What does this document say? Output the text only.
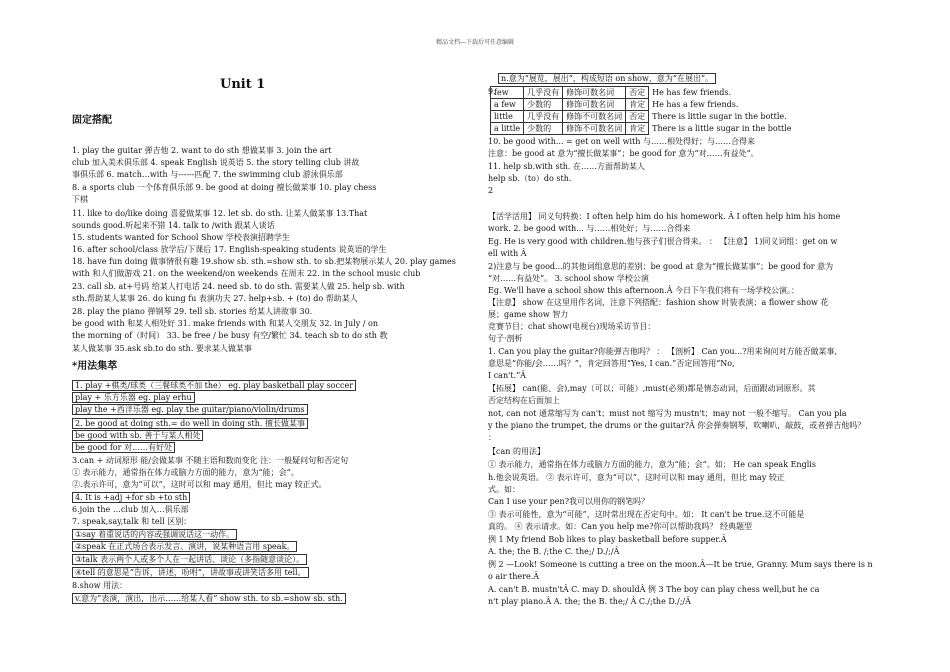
精品文档---下载后可任意编辑
Unit 1
固定搭配
1. play the guitar 弹吉他 2. want to do sth 想做某事 3. join the art
club 加入美术俱乐部 4. speak English 说英语 5. the story telling club 讲故
事俱乐部 6. match…with 与------匹配 7. the swimming club 游泳俱乐部
8. a sports club 一个体育俱乐部 9. be good at doing 擅长做某事 10. play chess
下棋
11. like to do/like doing 喜爱做某事 12. let sb. do sth. 让某人做某事 13.That
sounds good.听起来不错 14. talk to /with 跟某人谈话
15. students wanted for School Show 学校表演招聘学生
16. after school/class 放学后/下课后 17. English-speaking students 说英语的学生
18. have fun doing 做事情很有趣 19.show sb. sth.=show sth. to sb.把某物展示某人 20. play games
with 和人们做游戏 21. on the weekend/on weekends 在周末 22. in the school music club
23. call sb. at+号码 给某人打电话 24. need sb. to do sth. 需要某人做 25. help sb. with
sth.帮助某人某事 26. do kung fu 表演功夫 27. help+sb. + (to) do 帮助某人
28. play the piano 弹钢琴 29. tell sb. stories 给某人讲故事 30.
be good with 和某人相处好 31. make friends with 和某人交朋友 32. in July / on
the morning of（时间） 33. be free / be busy 有空/繁忙 34. teach sb to do sth 教
某人做某事 35.ask sb.to do sth. 要求某人做某事
*用法集萃
1. play +棋类/球类（三餐球类不加 the） eg. play basketball play soccer
play + 乐方乐器 eg. play erhu
play the +西洋乐器 eg. play the guitar/piano/violin/drums
2. be good at doing sth.= do well in doing sth. 擅长做某事
be good with sb. 善于与某人相处
be good for 对……有好处
3.can + 动词原形 能/会做某事 不随主语和数而变化 注：一般疑问句和否定句
① 表示能力，通常指在体力或脑力方面的能力，意为“能；会”。
②.表示许可，意为“可以”，这时可以和 may 通用，但比 may 较正式。
4. It is +adj +for sb +to sth
6.join the …club 加入…俱乐部
7. speak,say,talk 和 tell 区别：
①say 着重说话的内容或强调说话这一动作。
②speak 在正式场合表示发言、演讲，说某种语言用 speak。
③talk 表示两个人或多个人在一起讲话、谈论（多指随意谈论）。
④tell 的意思是“告诉，讲述，吩咐”，讲故事或讲笑话多用 tell。
8.show 用法：
v.意为“表演，演出，出示……给某人看” show sth. to sb.=show sb. sth.
n.意为“展览，展出”，构成短语 on show，意为“在展出”。
9.
few	几乎没有	修饰可数名词	否定	He has few friends.
a few	少数的	修饰可数名词	肯定	He has a few friends.
little	几乎没有	修饰不可数名词	否定	There is little sugar in the bottle.
a little	少数的	修饰不可数名词	肯定	There is a little sugar in the bottle
10. be good with... = get on well with 与……相处得好；与……合得来
注意：be good at 意为“擅长做某事”；be good for 意为“对……有益处”。
11. help sb.with sth. 在……方面帮助某人
help sb.（to）do sth.
2
【活学活用】 同义句转换：I often help him do his homework. Â I often help him his home
work. 2. be good with... 与……相处好；与……合得来
Eg. He is very good with children.他与孩子们很合得来。 ： 【注意】 1)同义词组：get on w
ell with Â
2)注意与 be good...的其他词组意思的差别：be good at 意为“擅长做某事”；be good for 意为
“对……有益处”。 3. school show 学校公演
Eg. We'll have a school show this afternoon.Â 今日下午我们将有一场学校公演。：
【注意】 show 在这里用作名词，注意下列搭配：fashion show 时装表演；a flower show 花
展；game show 智力
竞赛节目；chat show(电视台)现场采访节目：
句子·剖析
1. Can you play the guitar?你能弹吉他吗？ ： 【剖析】 Can you...?用来询问对方能否做某事,
意思是“你能/会……吗？”，肯定回答用“Yes, I can.”否定回答用“No,
I can't.”Â
【拓展】 can(能、会),may（可以；可能）,must(必须)都是情态动词，后面跟动词原形。其
否定结构在后面加上
not, can not 通常缩写为 can't；must not 缩写为 mustn't；may not 一般不缩写。 Can you pla
y the piano the trumpet, the drums or the guitar?Â 你会弹奏钢琴，吹喇叭，敲鼓，或者弹吉他吗？
：
【can 的用法】
① 表示能力，通常指在体力或脑力方面的能力，意为“能；会”。如： He can speak Englis
h.他会说英语。 ② 表示许可，意为“可以”，这时可以和 may 通用，但比 may 较正
式。如：
Can I use your pen?我可以用你的钢笔吗？
③ 表示可能性，意为“可能”，这时常出现在否定句中。如： It can't be true.这不可能是
真的。 ④ 表示请求。如：Can you help me?你可以帮助我吗？ 经典题型
例 1 My friend Bob likes to play basketball before supper.Â
A. the; the B. /;the C. the;/ D./;/Â
例 2 —Look! Someone is cutting a tree on the moon.Â—It be true, Granny. Mum says there is n
o air there.Â
A. can't B. mustn'tÂ C. may D. shouldÂ 例 3 The boy can play chess well,but he ca
n't play piano.Â A. the; the B. the;/ Â C./;the D./;/Â
